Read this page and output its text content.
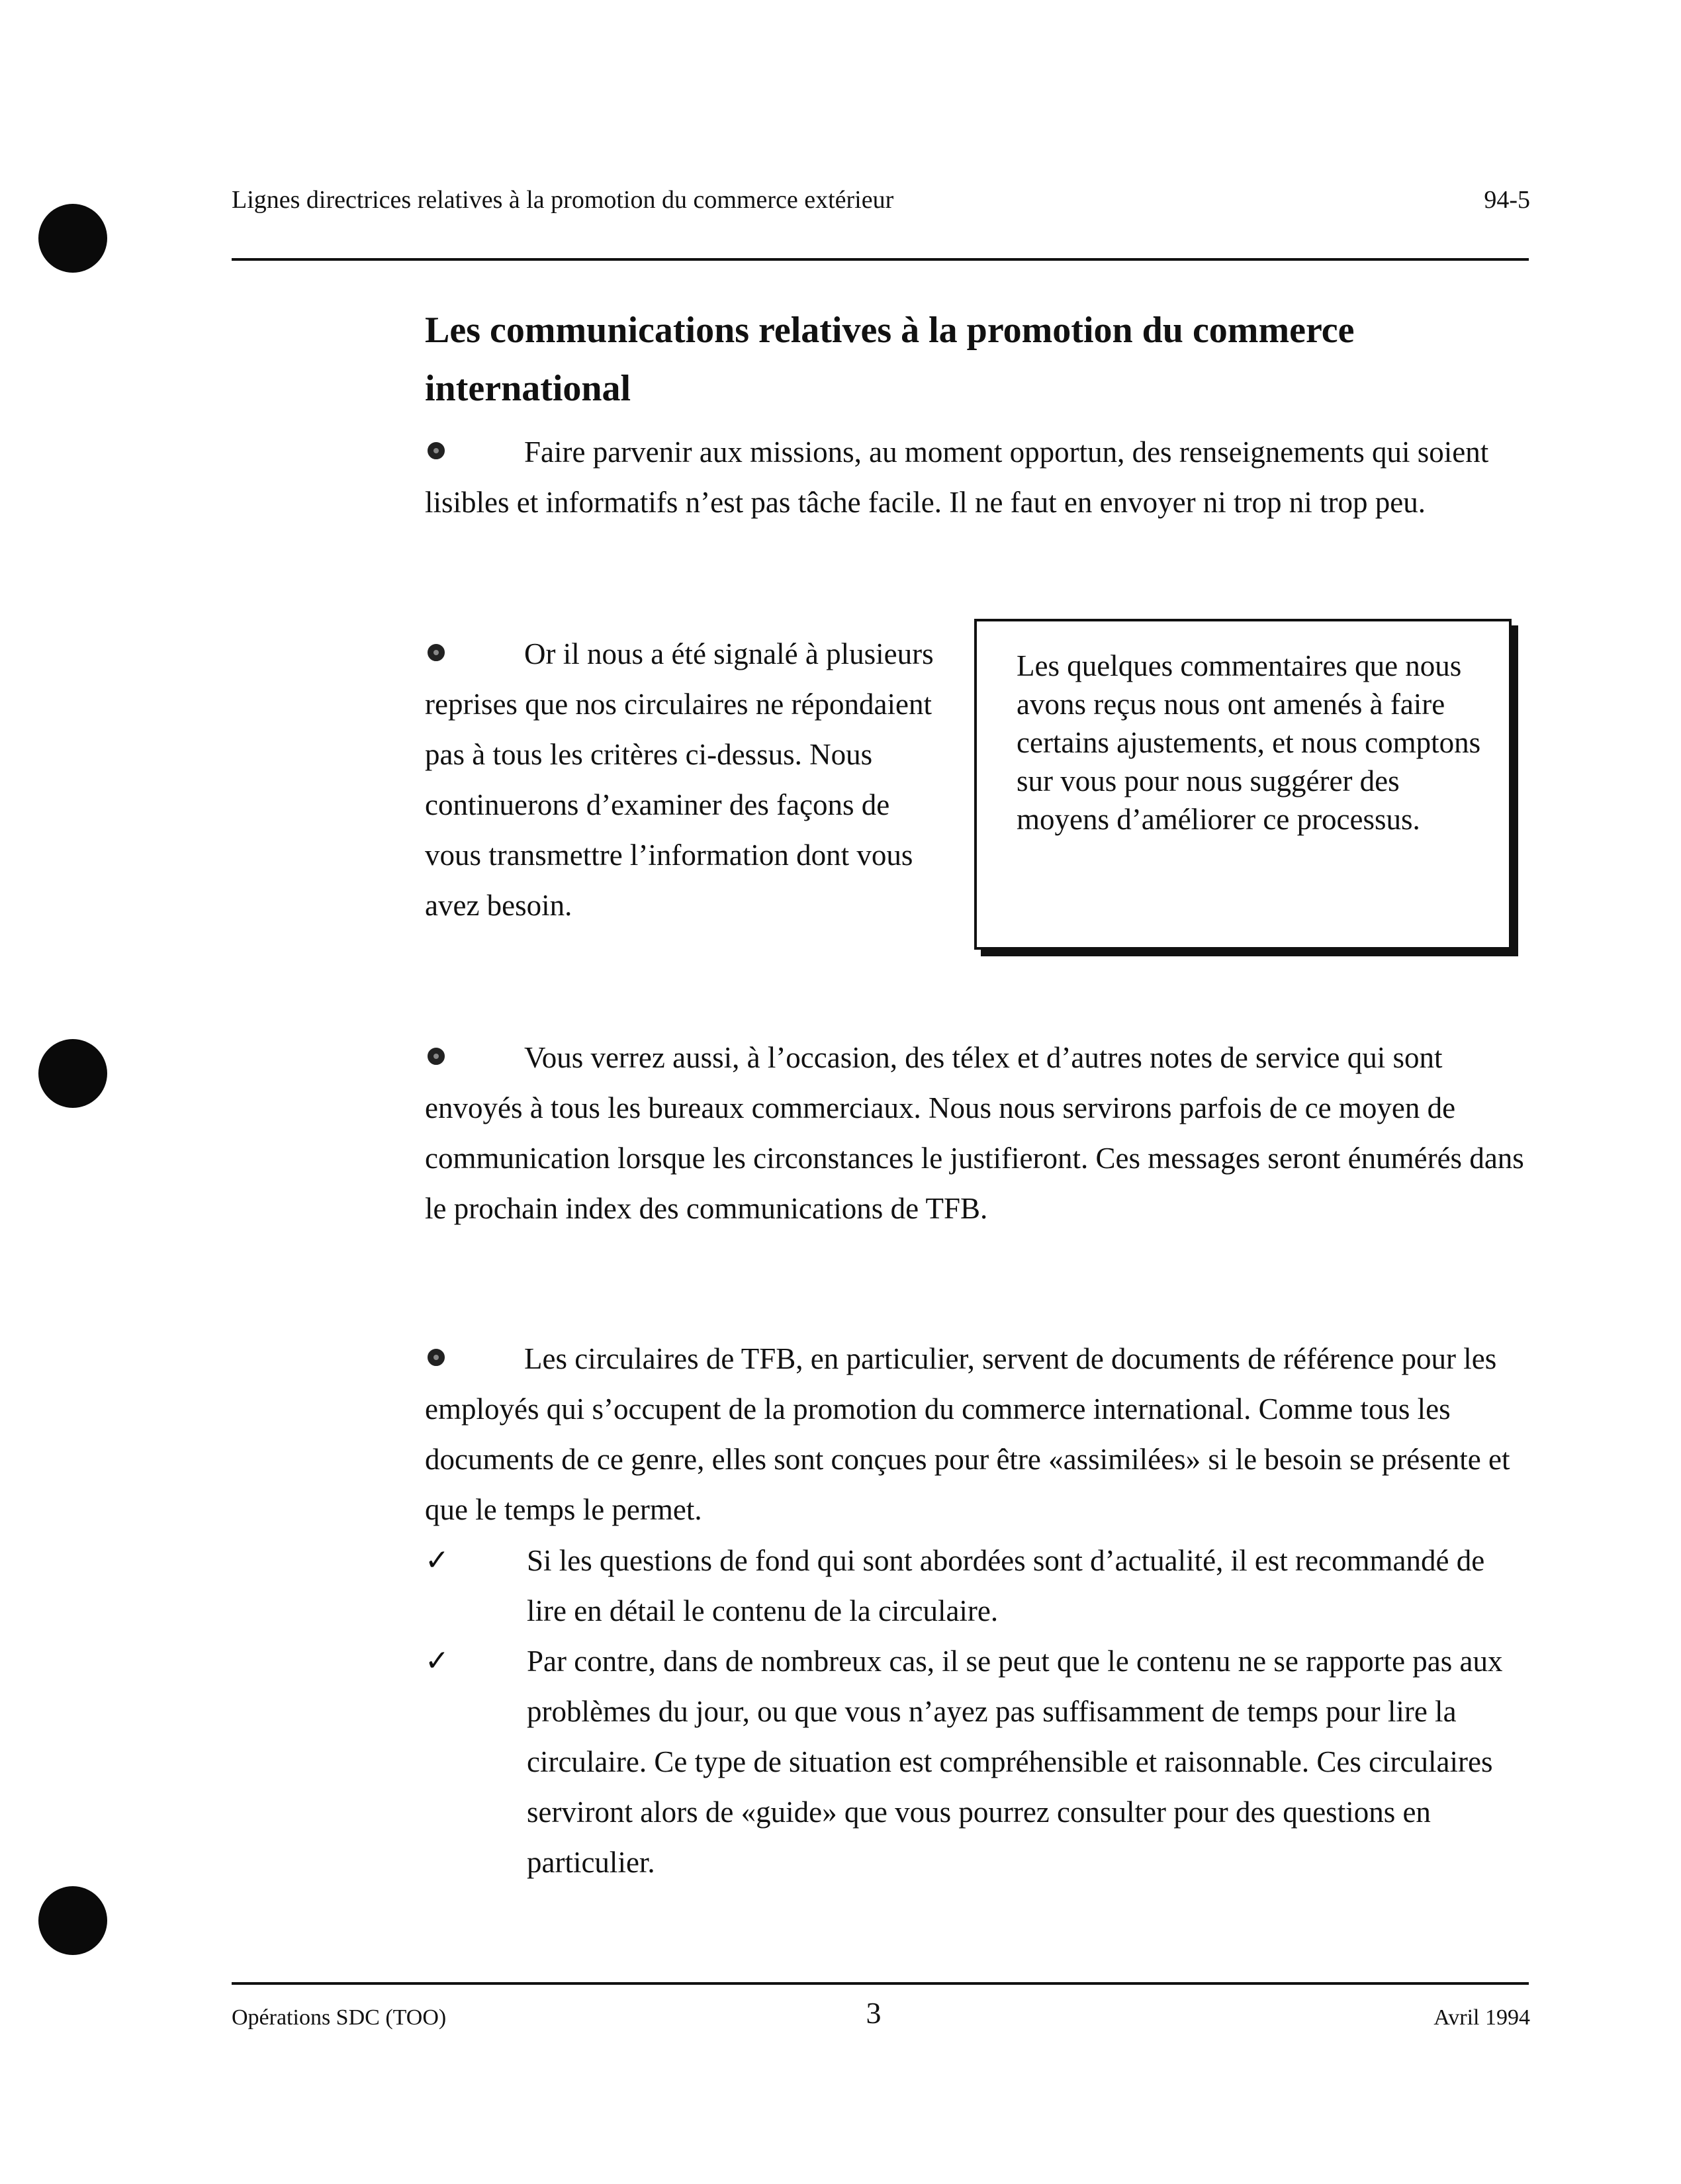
Lignes directrices relatives à la promotion du commerce extérieur	94-5
Les communications relatives à la promotion du commerce international
Faire parvenir aux missions, au moment opportun, des renseignements qui soient lisibles et informatifs n’est pas tâche facile. Il ne faut en envoyer ni trop ni trop peu.
Or il nous a été signalé à plusieurs reprises que nos circulaires ne répondaient pas à tous les critères ci-dessus. Nous continuerons d’examiner des façons de vous transmettre l’information dont vous avez besoin.
Les quelques commentaires que nous avons reçus nous ont amenés à faire certains ajustements, et nous comptons sur vous pour nous suggérer des moyens d’améliorer ce processus.
Vous verrez aussi, à l’occasion, des télex et d’autres notes de service qui sont envoyés à tous les bureaux commerciaux. Nous nous servirons parfois de ce moyen de communication lorsque les circonstances le justifieront. Ces messages seront énumérés dans le prochain index des communications de TFB.
Les circulaires de TFB, en particulier, servent de documents de référence pour les employés qui s’occupent de la promotion du commerce international. Comme tous les documents de ce genre, elles sont conçues pour être «assimilées» si le besoin se présente et que le temps le permet.
✓	Si les questions de fond qui sont abordées sont d’actualité, il est recommandé de lire en détail le contenu de la circulaire.
✓	Par contre, dans de nombreux cas, il se peut que le contenu ne se rapporte pas aux problèmes du jour, ou que vous n’ayez pas suffisamment de temps pour lire la circulaire. Ce type de situation est compréhensible et raisonnable. Ces circulaires serviront alors de «guide» que vous pourrez consulter pour des questions en particulier.
Opérations SDC (TOO)	3	Avril 1994
